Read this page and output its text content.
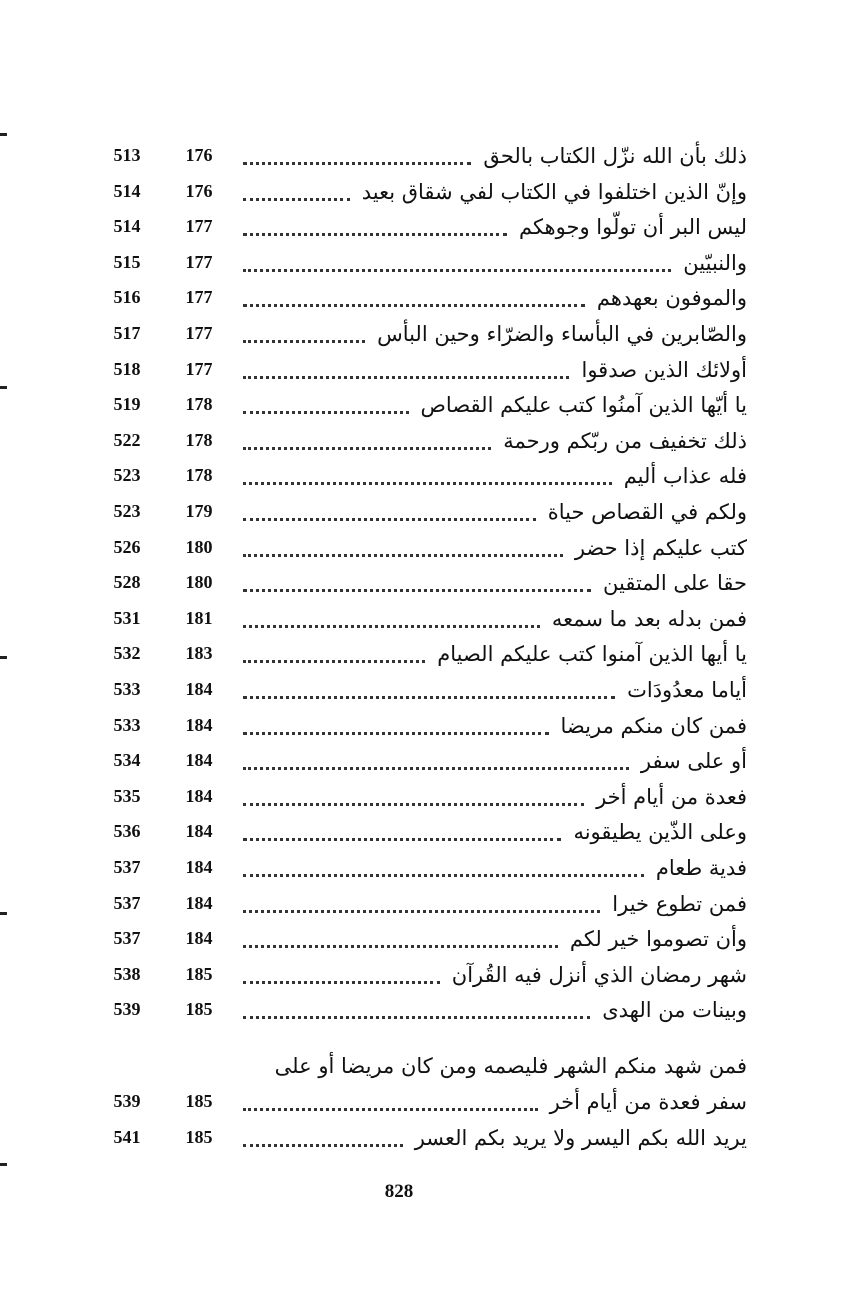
513	176	ذلك بأن الله نزّل الكتاب بالحق
514	176	وإنّ الذين اختلفوا في الكتاب لفي شقاق بعيد
514	177	ليس البر أن تولّوا وجوهكم
515	177	والنبيّين
516	177	والموفون بعهدهم
517	177	والصّابرين في البأساء والضرّاء وحين البأس
518	177	أولائك الذين صدقوا
519	178	يا أيّها الذين آمنُوا كتب عليكم القصاص
522	178	ذلك تخفيف من ربّكم ورحمة
523	178	فله عذاب أليم
523	179	ولكم في القصاص حياة
526	180	كتب عليكم إذا حضر
528	180	حقا على المتقين
531	181	فمن بدله بعد ما سمعه
532	183	يا أيها الذين آمنوا كتب عليكم الصيام
533	184	أياما معدُودَات
533	184	فمن كان منكم مريضا
534	184	أو على سفر
535	184	فعدة من أيام أخر
536	184	وعلى الذّين يطيقونه
537	184	فدية طعام
537	184	فمن تطوع خيرا
537	184	وأن تصوموا خير لكم
538	185	شهر رمضان الذي أنزل فيه القُرآن
539	185	وبينات من الهدى
فمن شهد منكم الشهر فليصمه ومن كان مريضا أو على
539	185	سفر فعدة من أيام أخر
541	185	يريد الله بكم اليسر ولا يريد بكم العسر
828
